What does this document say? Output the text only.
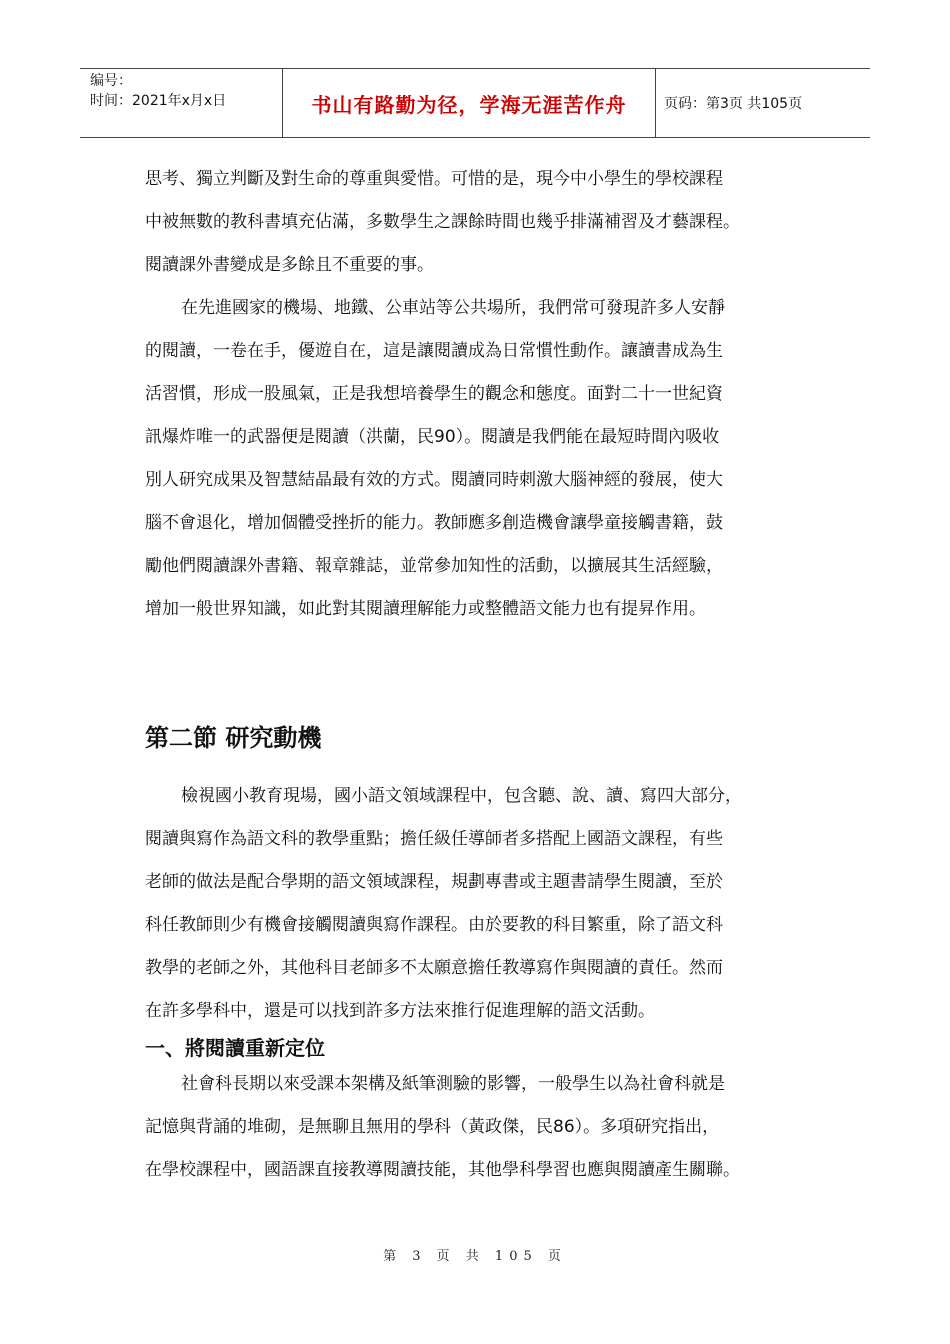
编号：
时间：2021年x月x日	书山有路勤为径，学海无涯苦作舟	页码：第3页 共105页

思考、獨立判斷及對生命的尊重與愛惜。可惜的是，現今中小學生的學校課程
中被無數的教科書填充佔滿，多數學生之課餘時間也幾乎排滿補習及才藝課程。
閱讀課外書變成是多餘且不重要的事。

在先進國家的機場、地鐵、公車站等公共場所，我們常可發現許多人安靜
的閱讀，一卷在手，優遊自在，這是讓閱讀成為日常慣性動作。讓讀書成為生
活習慣，形成一股風氣，正是我想培養學生的觀念和態度。面對二十一世紀資
訊爆炸唯一的武器便是閱讀（洪蘭，民90）。閱讀是我們能在最短時間內吸收
別人研究成果及智慧結晶最有效的方式。閱讀同時刺激大腦神經的發展，使大
腦不會退化，增加個體受挫折的能力。教師應多創造機會讓學童接觸書籍，鼓
勵他們閱讀課外書籍、報章雜誌，並常參加知性的活動，以擴展其生活經驗，
增加一般世界知識，如此對其閱讀理解能力或整體語文能力也有提昇作用。

第二節 研究動機

檢視國小教育現場，國小語文領域課程中，包含聽、說、讀、寫四大部分，
閱讀與寫作為語文科的教學重點；擔任級任導師者多搭配上國語文課程，有些
老師的做法是配合學期的語文領域課程，規劃專書或主題書請學生閱讀，至於
科任教師則少有機會接觸閱讀與寫作課程。由於要教的科目繁重，除了語文科
教學的老師之外，其他科目老師多不太願意擔任教導寫作與閱讀的責任。然而
在許多學科中，還是可以找到許多方法來推行促進理解的語文活動。

一、將閱讀重新定位

社會科長期以來受課本架構及紙筆測驗的影響，一般學生以為社會科就是
記憶與背誦的堆砌，是無聊且無用的學科（黃政傑，民86）。多項研究指出，
在學校課程中，國語課直接教導閱讀技能，其他學科學習也應與閱讀產生關聯。

第 3 页 共 105 页
